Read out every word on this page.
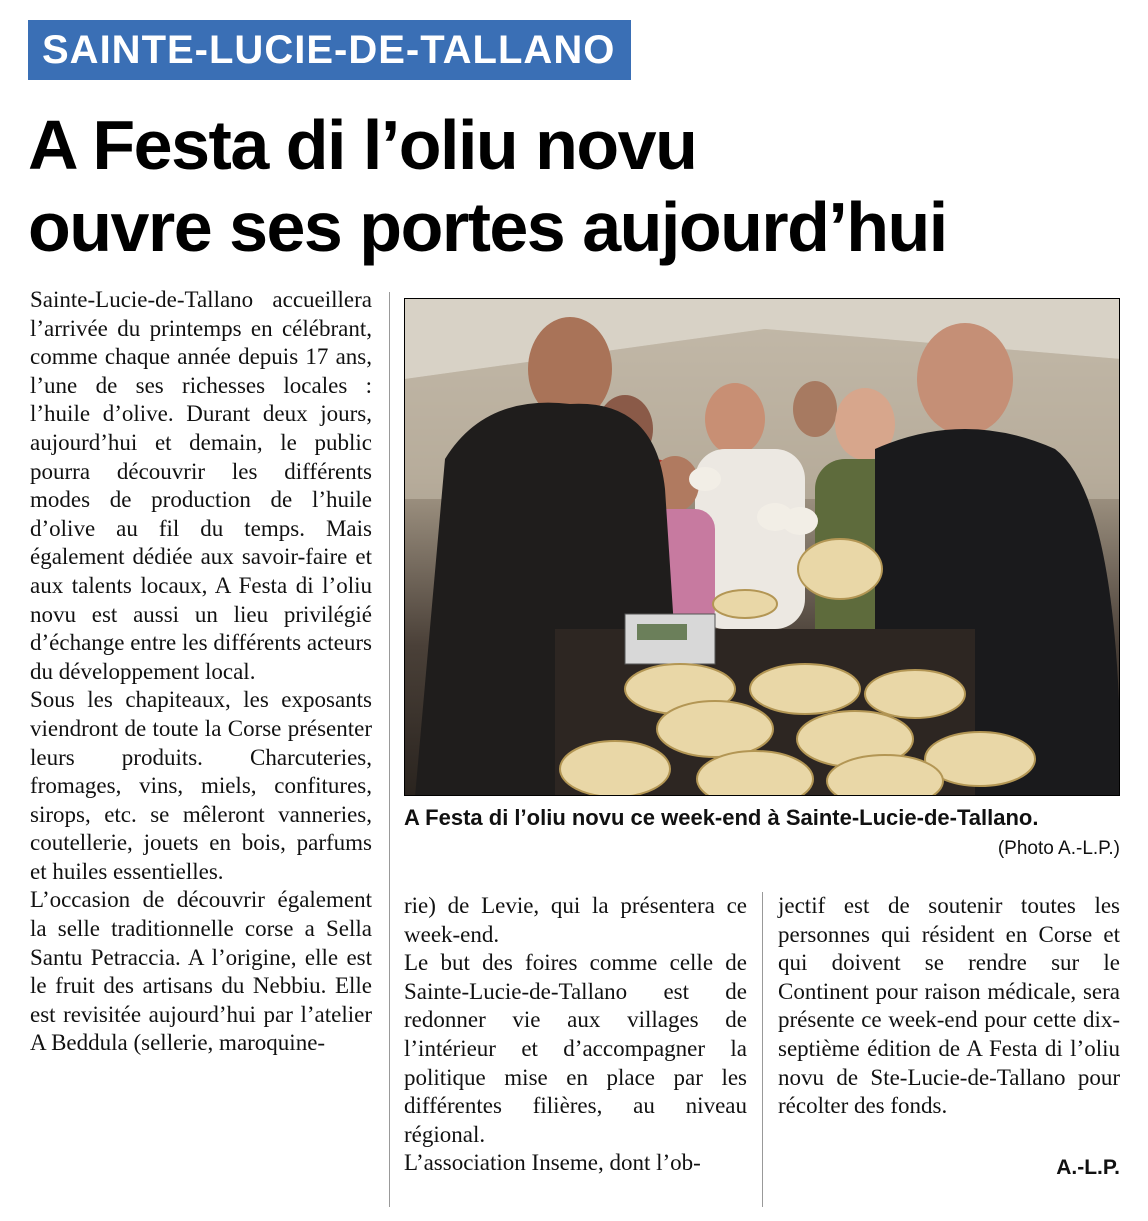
SAINTE-LUCIE-DE-TALLANO
A Festa di l’oliu novu
ouvre ses portes aujourd’hui

Sainte-Lucie-de-Tallano accueillera l’arrivée du printemps en célébrant, comme chaque année depuis 17 ans, l’une de ses richesses locales : l’huile d’olive. Durant deux jours, aujourd’hui et demain, le public pourra découvrir les différents modes de production de l’huile d’olive au fil du temps. Mais également dédiée aux savoir-faire et aux talents locaux, A Festa di l’oliu novu est aussi un lieu privilégié d’échange entre les différents acteurs du développement local.

Sous les chapiteaux, les exposants viendront de toute la Corse présenter leurs produits. Charcuteries, fromages, vins, miels, confitures, sirops, etc. se mêleront vanneries, coutellerie, jouets en bois, parfums et huiles essentielles.

L’occasion de découvrir également la selle traditionnelle corse a Sella Santu Petraccia. A l’origine, elle est le fruit des artisans du Nebbiu. Elle est revisitée aujourd’hui par l’atelier A Beddula (sellerie, maroquine-

A Festa di l’oliu novu ce week-end à Sainte-Lucie-de-Tallano.
(Photo A.-L.P.)

rie) de Levie, qui la présentera ce week-end.

Le but des foires comme celle de Sainte-Lucie-de-Tallano est de redonner vie aux villages de l’intérieur et d’accompagner la politique mise en place par les différentes filières, au niveau régional.

L’association Inseme, dont l’ob-

jectif est de soutenir toutes les personnes qui résident en Corse et qui doivent se rendre sur le Continent pour raison médicale, sera présente ce week-end pour cette dix-septième édition de A Festa di l’oliu novu de Ste-Lucie-de-Tallano pour récolter des fonds.

A.-L.P.
